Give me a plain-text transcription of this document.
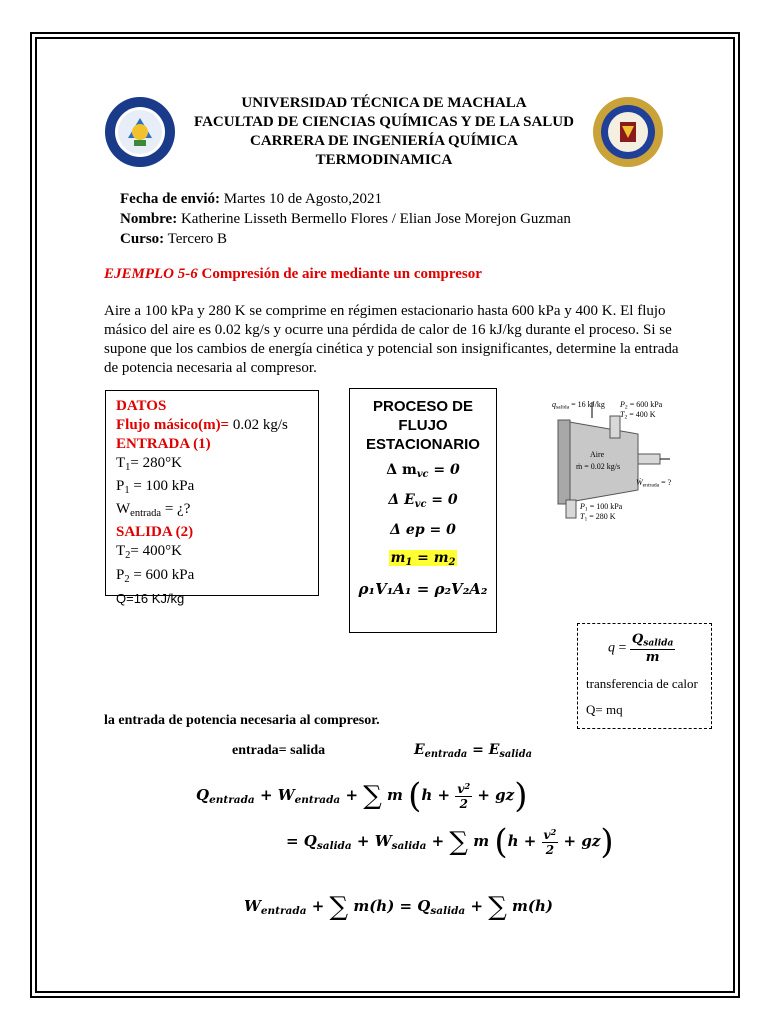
UNIVERSIDAD TÉCNICA DE MACHALA
FACULTAD DE CIENCIAS QUÍMICAS Y DE LA SALUD
CARRERA DE INGENIERÍA QUÍMICA
TERMODINAMICA
Fecha de envió: Martes 10 de Agosto,2021
Nombre: Katherine Lisseth Bermello Flores / Elian Jose Morejon Guzman
Curso: Tercero B
EJEMPLO 5-6 Compresión de aire mediante un compresor
Aire a 100 kPa y 280 K se comprime en régimen estacionario hasta 600 kPa y 400 K. El flujo másico del aire es 0.02 kg/s y ocurre una pérdida de calor de 16 kJ/kg durante el proceso. Si se supone que los cambios de energía cinética y potencial son insignificantes, determine la entrada de potencia necesaria al compresor.
DATOS
Flujo másico(m)= 0.02 kg/s
ENTRADA (1)
$T_1= 280^\circ K$
$P_1 = 100$ kPa
$W_{entrada}$ = ¿?
SALIDA (2)
$T_2= 400^\circ K$
$P_2 = 600$ kPa
Q=16 KJ/kg
PROCESO DE FLUJO ESTACIONARIO
Δ $m_{vc} = 0$
Δ $E_{vc} = 0$
Δ ep = 0
$m_1 = m_2$
ρ₁V₁A₁ = ρ₂V₂A₂
$q_{salida} = 16$ kJ/kg $P_2 = 600$ kPa
$T_2 = 400$ K
Aire
ṁ = 0.02 kg/s
Ẇ$_{entrada}$ = ?
$P_1 = 100$ kPa
$T_1 = 280$ K
$q = \frac{Q_{salida}}{m}$
transferencia de calor
Q= mq
la entrada de potencia necesaria al compresor.
entrada= salida	$E_{entrada} = E_{salida}$
$Q_{entrada} + W_{entrada}$ + ∑ m $(h + \frac{v^2}{2} + gz)$
= $Q_{salida} + W_{salida}$ + ∑ m $(h + \frac{v^2}{2} + gz)$
$W_{entrada}$ + ∑ $m(h) = Q_{salida}$ + ∑ m(h)
